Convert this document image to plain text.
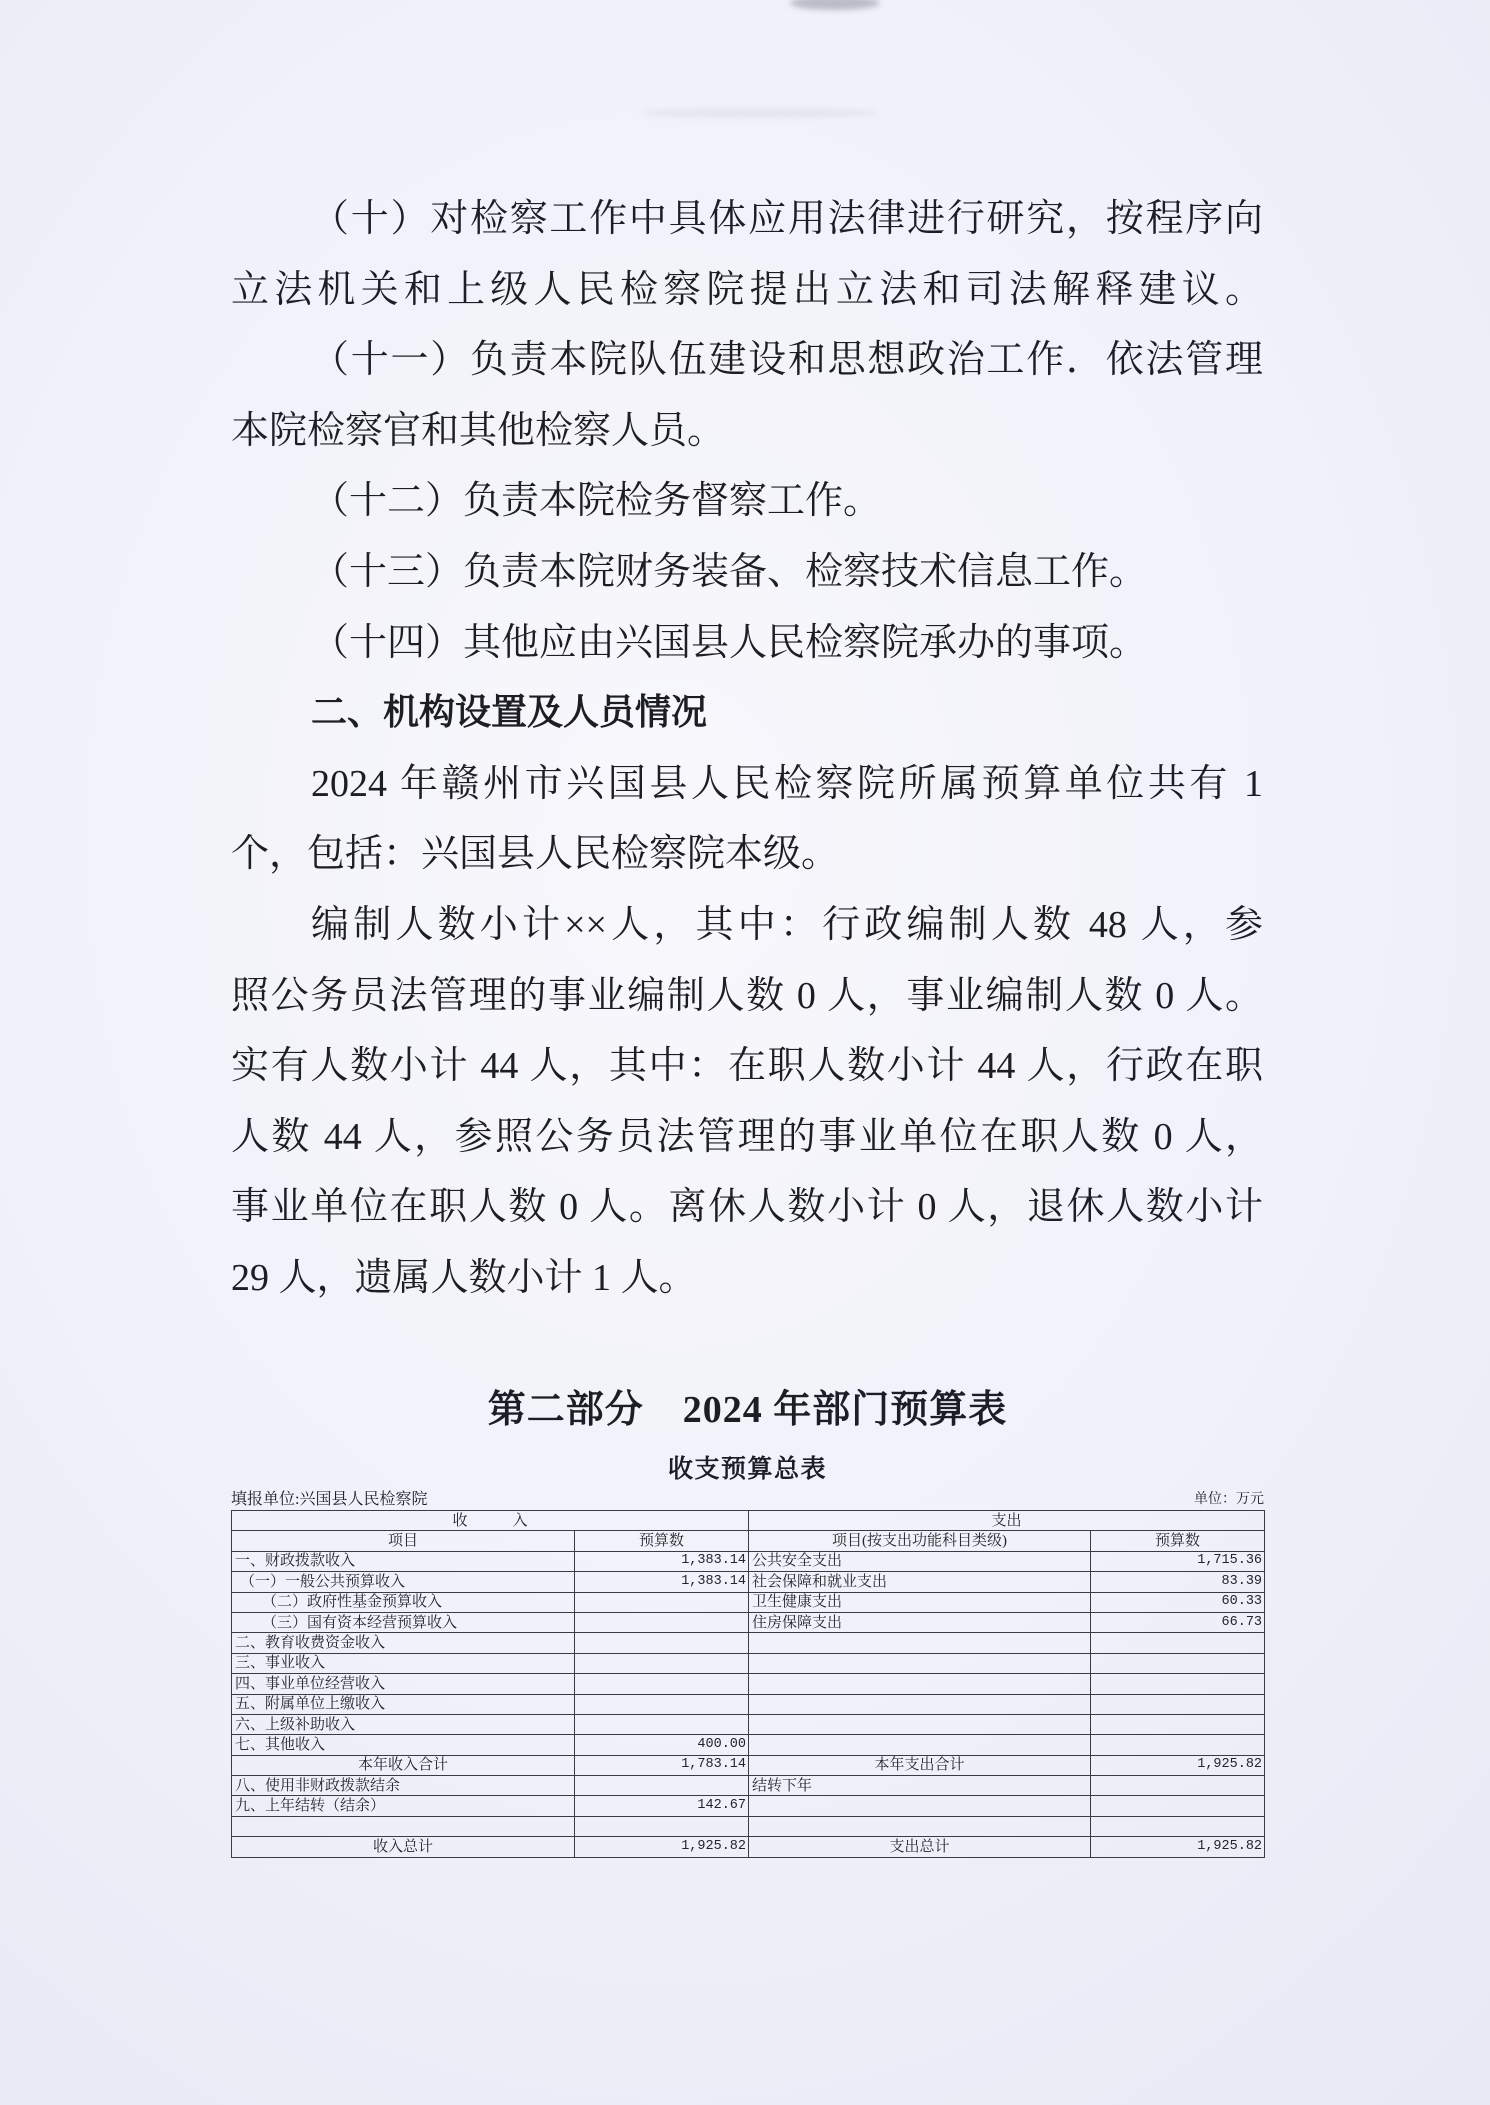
（十）对检察工作中具体应用法律进行研究，按程序向
立法机关和上级人民检察院提出立法和司法解释建议。
（十一）负责本院队伍建设和思想政治工作．依法管理
本院检察官和其他检察人员。
（十二）负责本院检务督察工作。
（十三）负责本院财务装备、检察技术信息工作。
（十四）其他应由兴国县人民检察院承办的事项。
二、机构设置及人员情况
2024 年赣州市兴国县人民检察院所属预算单位共有 1
个，包括：兴国县人民检察院本级。
编制人数小计××人，其中：行政编制人数 48 人，参
照公务员法管理的事业编制人数 0 人，事业编制人数 0 人。
实有人数小计 44 人，其中：在职人数小计 44 人，行政在职
人数 44 人，参照公务员法管理的事业单位在职人数 0 人，
事业单位在职人数 0 人。离休人数小计 0 人，退休人数小计
29 人，遗属人数小计 1 人。
第二部分　2024 年部门预算表
收支预算总表
填报单位:兴国县人民检察院	单位：万元
收　　　入		支出	
项目	预算数	项目(按支出功能科目类级)	预算数
一、财政拨款收入	1,383.14	公共安全支出	1,715.36
（一）一般公共预算收入	1,383.14	社会保障和就业支出	83.39
（二）政府性基金预算收入		卫生健康支出	60.33
（三）国有资本经营预算收入		住房保障支出	66.73
二、教育收费资金收入			
三、事业收入			
四、事业单位经营收入			
五、附属单位上缴收入			
六、上级补助收入			
七、其他收入	400.00		
本年收入合计	1,783.14	本年支出合计	1,925.82
八、使用非财政拨款结余		结转下年	
九、上年结转（结余）	142.67		

收入总计	1,925.82	支出总计	1,925.82
